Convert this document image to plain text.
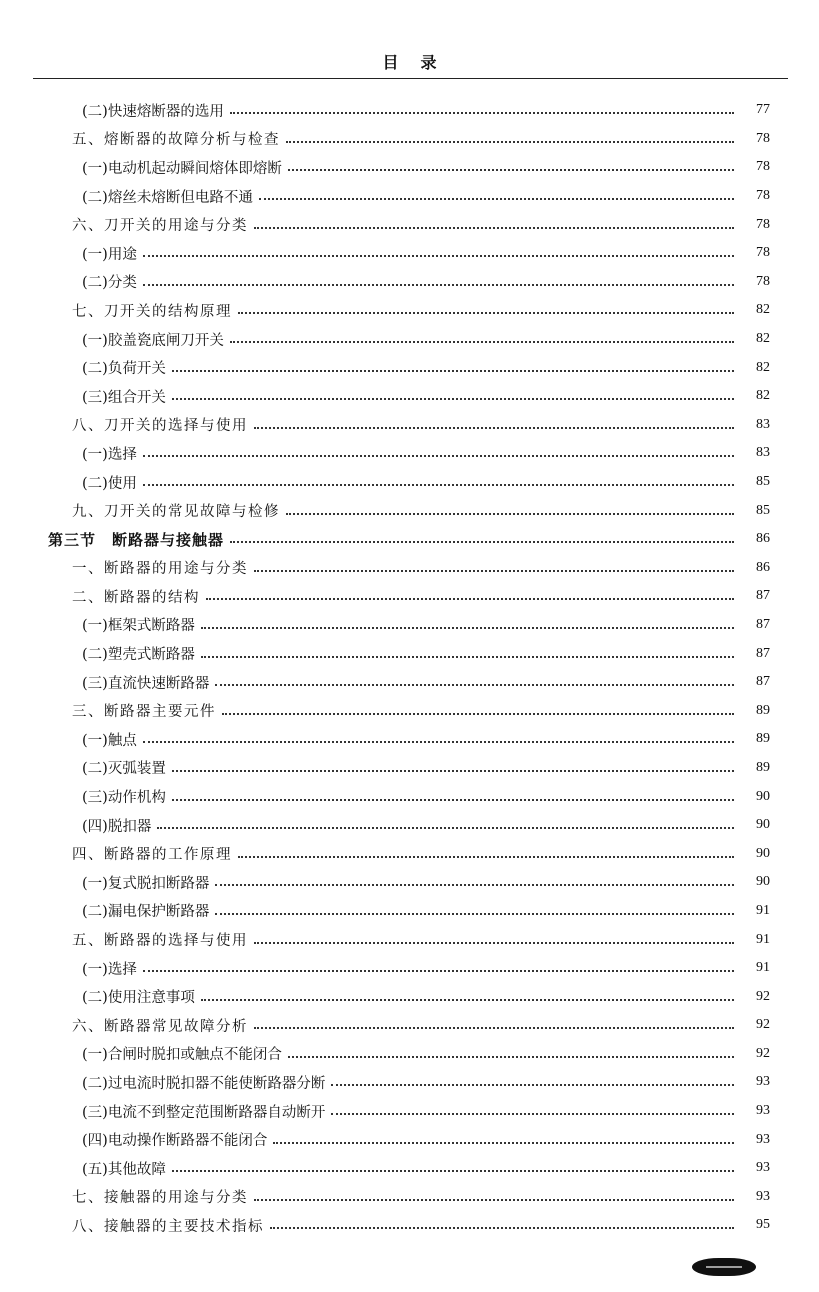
目录
(二)快速熔断器的选用	77
五、熔断器的故障分析与检查	78
(一)电动机起动瞬间熔体即熔断	78
(二)熔丝未熔断但电路不通	78
六、刀开关的用途与分类	78
(一)用途	78
(二)分类	78
七、刀开关的结构原理	82
(一)胶盖瓷底闸刀开关	82
(二)负荷开关	82
(三)组合开关	82
八、刀开关的选择与使用	83
(一)选择	83
(二)使用	85
九、刀开关的常见故障与检修	85
第三节　断路器与接触器	86
一、断路器的用途与分类	86
二、断路器的结构	87
(一)框架式断路器	87
(二)塑壳式断路器	87
(三)直流快速断路器	87
三、断路器主要元件	89
(一)触点	89
(二)灭弧装置	89
(三)动作机构	90
(四)脱扣器	90
四、断路器的工作原理	90
(一)复式脱扣断路器	90
(二)漏电保护断路器	91
五、断路器的选择与使用	91
(一)选择	91
(二)使用注意事项	92
六、断路器常见故障分析	92
(一)合闸时脱扣或触点不能闭合	92
(二)过电流时脱扣器不能使断路器分断	93
(三)电流不到整定范围断路器自动断开	93
(四)电动操作断路器不能闭合	93
(五)其他故障	93
七、接触器的用途与分类	93
八、接触器的主要技术指标	95
